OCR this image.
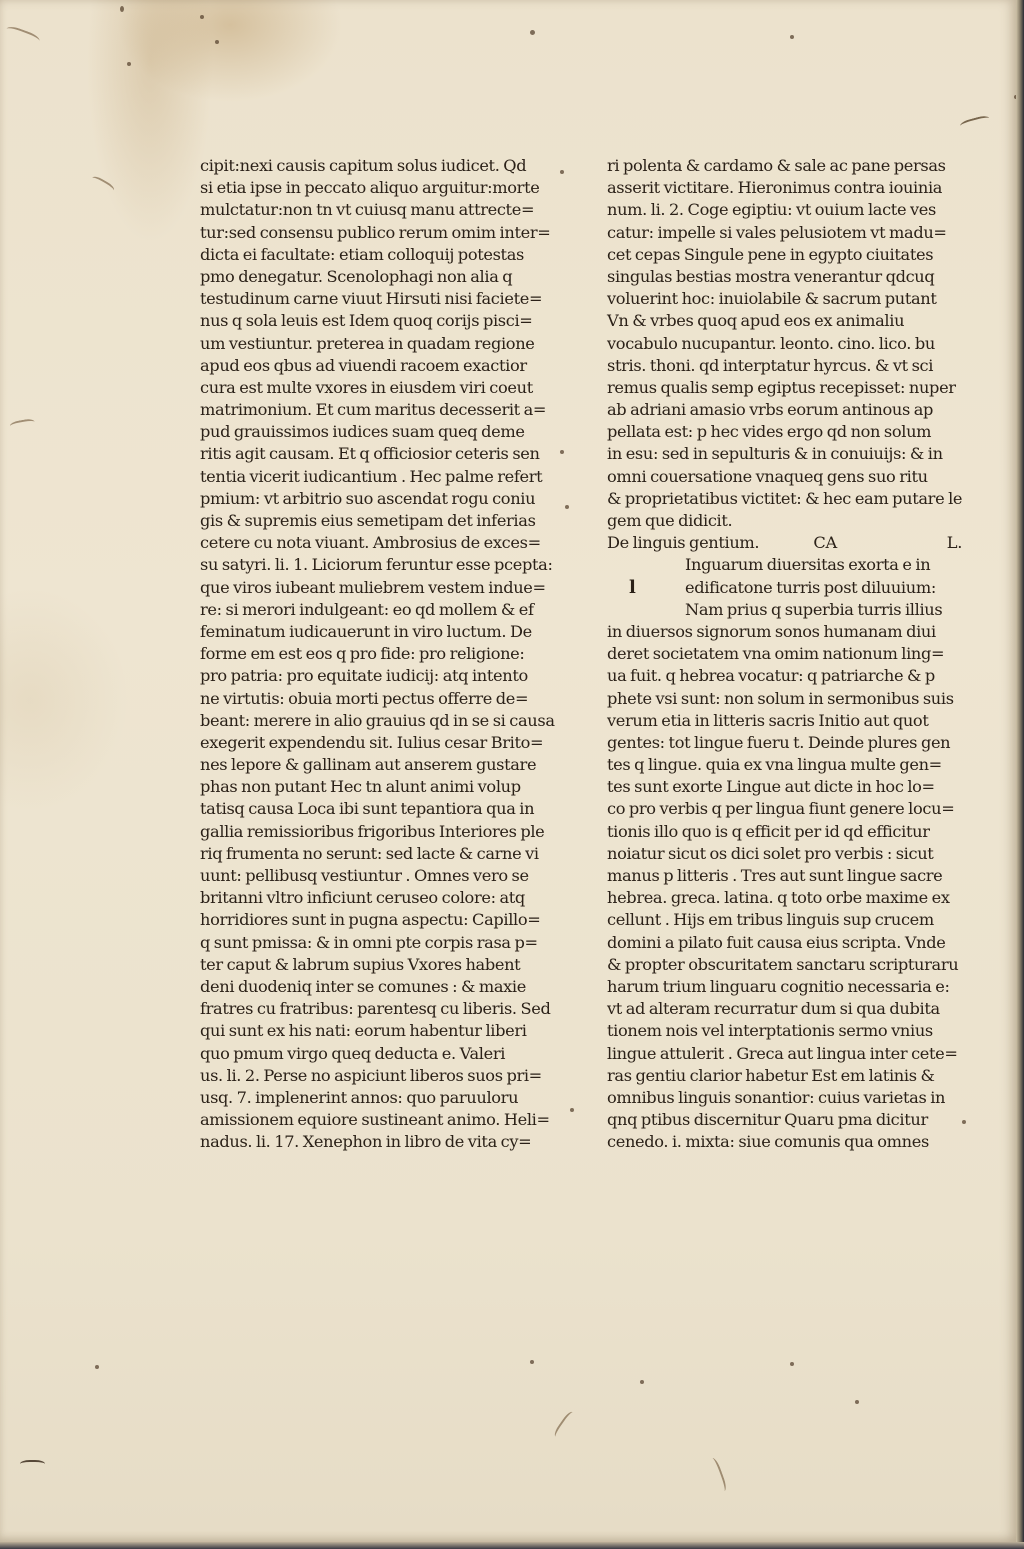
cipit:nexi causis capitum solus iudicet. Qd
si etia ipse in peccato aliquo arguitur:morte
mulctatur:non tn vt cuiusq manu attrecte=
tur:sed consensu publico rerum omim inter=
dicta ei facultate: etiam colloquij potestas
pmo denegatur. Scenolophagi non alia q
testudinum carne viuut Hirsuti nisi faciete=
nus q sola leuis est Idem quoq corijs pisci=
um vestiuntur. preterea in quadam regione
apud eos qbus ad viuendi racoem exactior
cura est multe vxores in eiusdem viri coeut
matrimonium. Et cum maritus decesserit a=
pud grauissimos iudices suam queq deme
ritis agit causam. Et q officiosior ceteris sen
tentia vicerit iudicantium . Hec palme refert
pmium: vt arbitrio suo ascendat rogu coniu
gis & supremis eius semetipam det inferias
cetere cu nota viuant. Ambrosius de exces=
su satyri. li. 1. Liciorum feruntur esse pcepta:
que viros iubeant muliebrem vestem indue=
re: si merori indulgeant: eo qd mollem & ef
feminatum iudicauerunt in viro luctum. De
forme em est eos q pro fide: pro religione:
pro patria: pro equitate iudicij: atq intento
ne virtutis: obuia morti pectus offerre de=
beant: merere in alio grauius qd in se si causa
exegerit expendendu sit. Iulius cesar Brito=
nes lepore & gallinam aut anserem gustare
phas non putant Hec tn alunt animi volup
tatisq causa Loca ibi sunt tepantiora qua in
gallia remissioribus frigoribus Interiores ple
riq frumenta no serunt: sed lacte & carne vi
uunt: pellibusq vestiuntur . Omnes vero se
britanni vltro inficiunt ceruseo colore: atq
horridiores sunt in pugna aspectu: Capillo=
q sunt pmissa: & in omni pte corpis rasa p=
ter caput & labrum supius Vxores habent
deni duodeniq inter se comunes : & maxie
fratres cu fratribus: parentesq cu liberis. Sed
qui sunt ex his nati: eorum habentur liberi
quo pmum virgo queq deducta e. Valeri
us. li. 2. Perse no aspiciunt liberos suos pri=
usq. 7. implenerint annos: quo paruuloru
amissionem equiore sustineant animo. Heli=
nadus. li. 17. Xenephon in libro de vita cy=
ri polenta & cardamo & sale ac pane persas
asserit victitare. Hieronimus contra iouinia
num. li. 2. Coge egiptiu: vt ouium lacte ves
catur: impelle si vales pelusiotem vt madu=
cet cepas Singule pene in egypto ciuitates
singulas bestias mostra venerantur qdcuq
voluerint hoc: inuiolabile & sacrum putant
Vn & vrbes quoq apud eos ex animaliu
vocabulo nucupantur. leonto. cino. lico. bu
stris. thoni. qd interptatur hyrcus. & vt sci
remus qualis semp egiptus recepisset: nuper
ab adriani amasio vrbs eorum antinous ap
pellata est: p hec vides ergo qd non solum
in esu: sed in sepulturis & in conuiuijs: & in
omni couersatione vnaqueq gens suo ritu
& proprietatibus victitet: & hec eam putare le
gem que didicit.
De linguis gentium.	CA	L.
Inguarum diuersitas exorta e in
l	edificatone turris post diluuium:
Nam prius q superbia turris illius
in diuersos signorum sonos humanam diui
deret societatem vna omim nationum ling=
ua fuit. q hebrea vocatur: q patriarche & p
phete vsi sunt: non solum in sermonibus suis
verum etia in litteris sacris Initio aut quot
gentes: tot lingue fueru t. Deinde plures gen
tes q lingue. quia ex vna lingua multe gen=
tes sunt exorte Lingue aut dicte in hoc lo=
co pro verbis q per lingua fiunt genere locu=
tionis illo quo is q efficit per id qd efficitur
noiatur sicut os dici solet pro verbis : sicut
manus p litteris . Tres aut sunt lingue sacre
hebrea. greca. latina. q toto orbe maxime ex
cellunt . Hijs em tribus linguis sup crucem
domini a pilato fuit causa eius scripta. Vnde
& propter obscuritatem sanctaru scripturaru
harum trium linguaru cognitio necessaria e:
vt ad alteram recurratur dum si qua dubita
tionem nois vel interptationis sermo vnius
lingue attulerit . Greca aut lingua inter cete=
ras gentiu clarior habetur Est em latinis &
omnibus linguis sonantior: cuius varietas in
qnq ptibus discernitur Quaru pma dicitur
cenedo. i. mixta: siue comunis qua omnes
